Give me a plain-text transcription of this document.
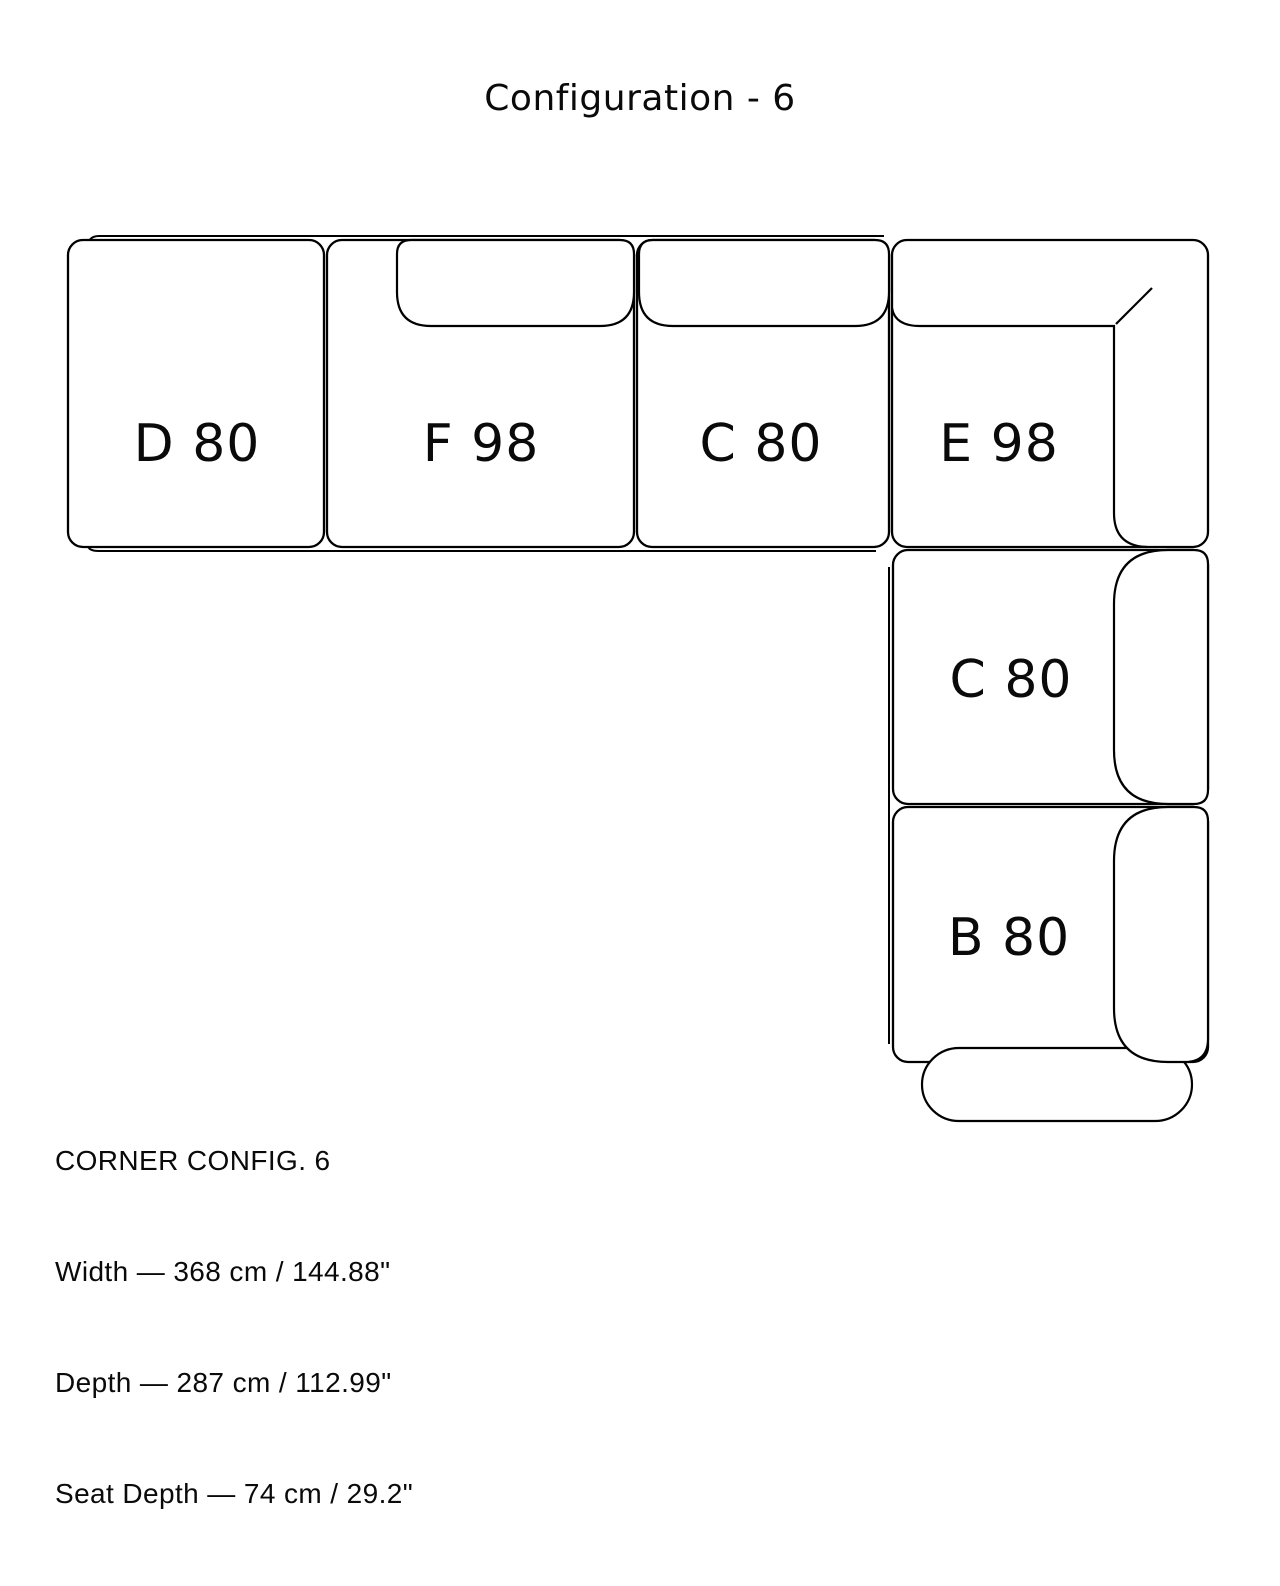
Configuration - 6
D 80	F 98	C 80 E 98
C 80
B 80

CORNER CONFIG. 6

Width — 368 cm / 144.88"

Depth — 287 cm / 112.99"

Seat Depth — 74 cm / 29.2"
